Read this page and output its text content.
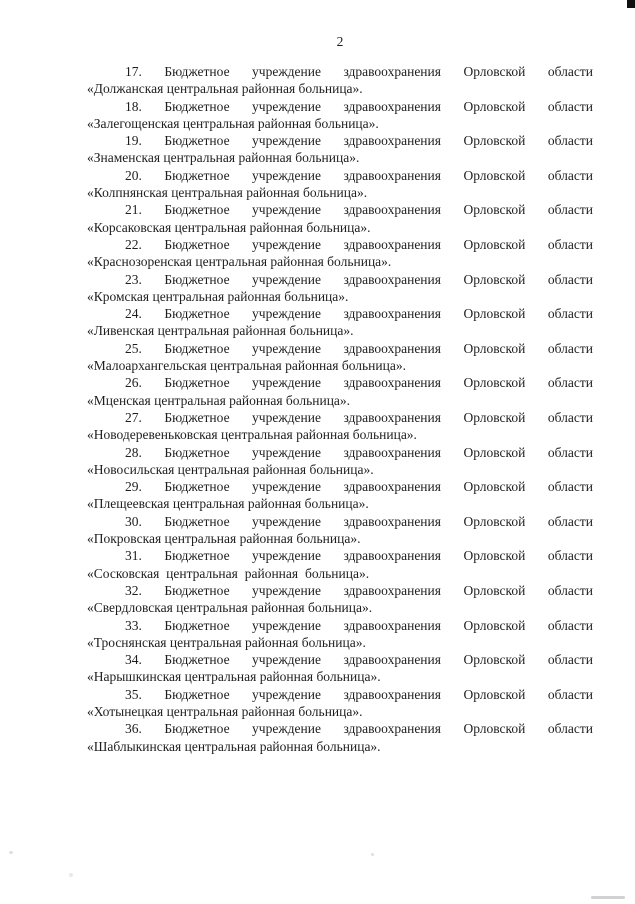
2
17. Бюджетное учреждение здравоохранения Орловской области
«Должанская центральная районная больница».
18. Бюджетное учреждение здравоохранения Орловской области
«Залегощенская центральная районная больница».
19. Бюджетное учреждение здравоохранения Орловской области
«Знаменская центральная районная больница».
20. Бюджетное учреждение здравоохранения Орловской области
«Колпнянская центральная районная больница».
21. Бюджетное учреждение здравоохранения Орловской области
«Корсаковская центральная районная больница».
22. Бюджетное учреждение здравоохранения Орловской области
«Краснозоренская центральная районная больница».
23. Бюджетное учреждение здравоохранения Орловской области
«Кромская центральная районная больница».
24. Бюджетное учреждение здравоохранения Орловской области
«Ливенская центральная районная больница».
25. Бюджетное учреждение здравоохранения Орловской области
«Малоархангельская центральная районная больница».
26. Бюджетное учреждение здравоохранения Орловской области
«Мценская центральная районная больница».
27. Бюджетное учреждение здравоохранения Орловской области
«Новодеревеньковская центральная районная больница».
28. Бюджетное учреждение здравоохранения Орловской области
«Новосильская центральная районная больница».
29. Бюджетное учреждение здравоохранения Орловской области
«Плещеевская центральная районная больница».
30. Бюджетное учреждение здравоохранения Орловской области
«Покровская центральная районная больница».
31. Бюджетное учреждение здравоохранения Орловской области
«Сосковская центральная районная больница».
32. Бюджетное учреждение здравоохранения Орловской области
«Свердловская центральная районная больница».
33. Бюджетное учреждение здравоохранения Орловской области
«Троснянская центральная районная больница».
34. Бюджетное учреждение здравоохранения Орловской области
«Нарышкинская центральная районная больница».
35. Бюджетное учреждение здравоохранения Орловской области
«Хотынецкая центральная районная больница».
36. Бюджетное учреждение здравоохранения Орловской области
«Шаблыкинская центральная районная больница».
